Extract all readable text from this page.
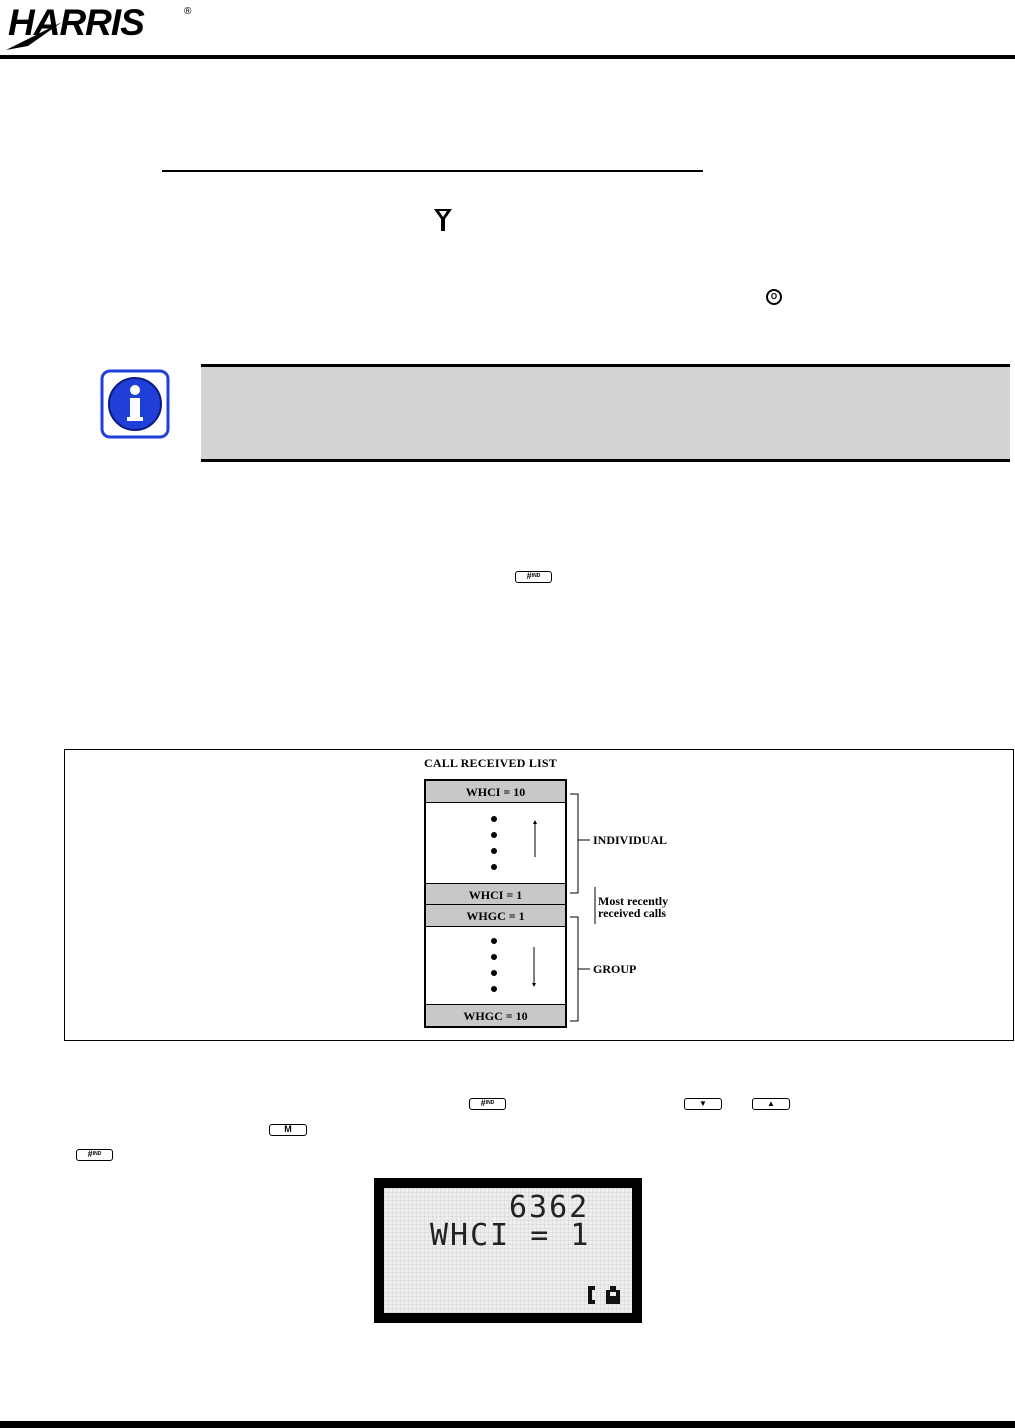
HARRIS	®
O
#$^{IND}$
CALL RECEIVED LIST
WHCI = 10
WHCI = 1
WHGC = 1
WHGC = 10
INDIVIDUAL
Most recently
received calls
GROUP
#$^{IND}$	▼	▲
M
#$^{IND}$
6362
WHCI = 1
